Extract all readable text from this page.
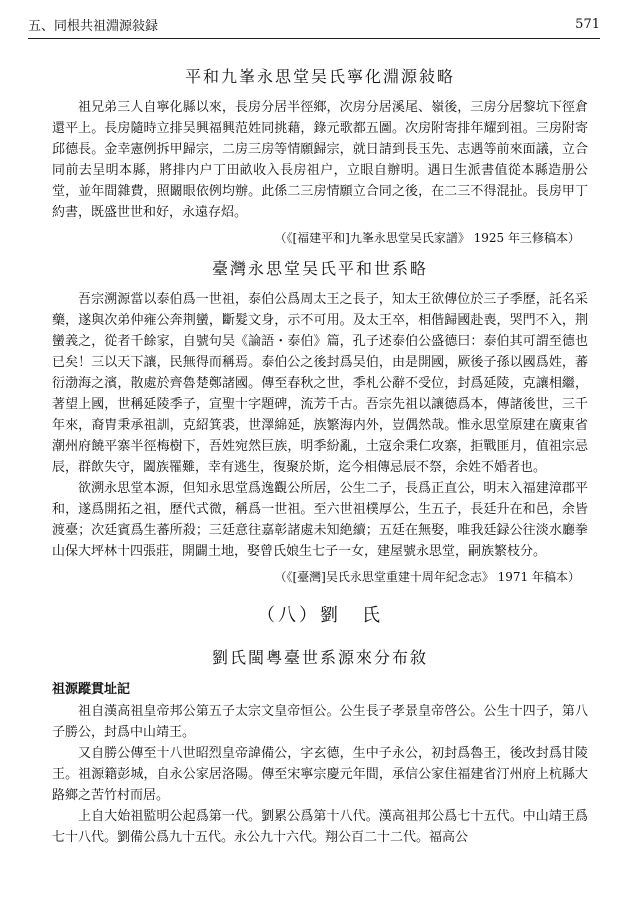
五、同根共祖淵源敍録	571
平和九峯永思堂吴氏寧化淵源敍略

祖兄弟三人自寧化縣以來，長房分居半徑鄉，次房分居溪尾、嶺後，三房分居黎坑下徑倉還平上。長房隨時立排吴興福興范姓同挑藉，錄元歌都五圖。次房附寄排年耀到祖。三房附寄邱德長。金幸憲例拆甲歸宗，二房三房等情願歸宗，就日請到長玉先、志遇等前來面議，立合同前去呈明本縣，將排内户丁田畝收入長房祖户，立眼自辦明。遇日生派書值從本縣造册公堂，並年間雜費，照闞眼依例均辦。此係二三房情願立合同之後，在二三不得混扯。長房甲丁約書，既盛世世和好，永遠存炤。

（《[福建平和]九峯永思堂吴氏家譜》 1925 年三修稿本）
臺灣永思堂吴氏平和世系略

吾宗溯源當以泰伯爲一世祖，泰伯公爲周太王之長子，知太王欲傳位於三子季歷，託名采藥，遂與次弟仲雍公奔荆蠻，斷髮文身，示不可用。及太王卒，相偕歸國赴喪，哭門不入，荆蠻義之，從者千餘家，自號句吴《論語・泰伯》篇，孔子述泰伯公盛德曰：泰伯其可謂至德也已矣！三以天下讓，民無得而稱焉。泰伯公之後封爲吴伯，由是開國，厥後子孫以國爲姓，蕃衍渤海之濱，散處於齊魯楚鄭諸國。傳至春秋之世，季札公辭不受位，封爲延陵，克讓相繼，著望上國，世稱延陵季子，宣聖十字題碑，流芳千古。吾宗先祖以讓德爲本，傳諸後世，三千年來，裔胄秉承祖訓，克紹箕裘，世澤綿延，族繁海内外，豈偶然哉。惟永思堂原建在廣東省潮州府饒平寨半徑梅樹下，吾姓宛然巨族，明季紛亂，土寇余秉仁攻寨，拒戰匪月，值祖宗忌辰，群飲失守，闔族罹難，幸有逃生，復聚於斯，迄今相傳忌辰不祭，余姓不婚者也。

欲溯永思堂本源，但知永思堂爲逸觀公所居，公生二子，長爲正直公，明末入福建漳郡平和，遂爲開拓之祖，歷代式微，稱爲一世祖。至六世祖樸厚公，生五子，長廷升在和邑，余皆渡臺；次廷賓爲生蕃所殺；三廷意往嘉彰諸處未知絶續；五廷在無娶，唯我廷録公往淡水廳拳山保大坪林十四張莊，開闢土地，娶曾氏娘生七子一女，建屋號永思堂，嗣族繁枝分。

（《[臺灣]吴氏永思堂重建十周年紀念志》 1971 年稿本）
（八）劉　氏
劉氏閩粵臺世系源來分布敘
祖源蹤貫址記

祖自漢高祖皇帝邦公第五子太宗文皇帝恒公。公生長子孝景皇帝啓公。公生十四子，第八子勝公，封爲中山靖王。

又自勝公傳至十八世昭烈皇帝諱備公，字玄德，生中子永公，初封爲魯王，後改封爲甘陵王。祖源籍彭城，自永公家居洛陽。傳至宋寧宗慶元年間，承信公家住福建省汀州府上杭縣大路鄉之苦竹村而居。

上自大始祖監明公起爲第一代。劉累公爲第十八代。漢高祖邦公爲七十五代。中山靖王爲七十八代。劉備公爲九十五代。永公九十六代。翔公百二十二代。福高公
